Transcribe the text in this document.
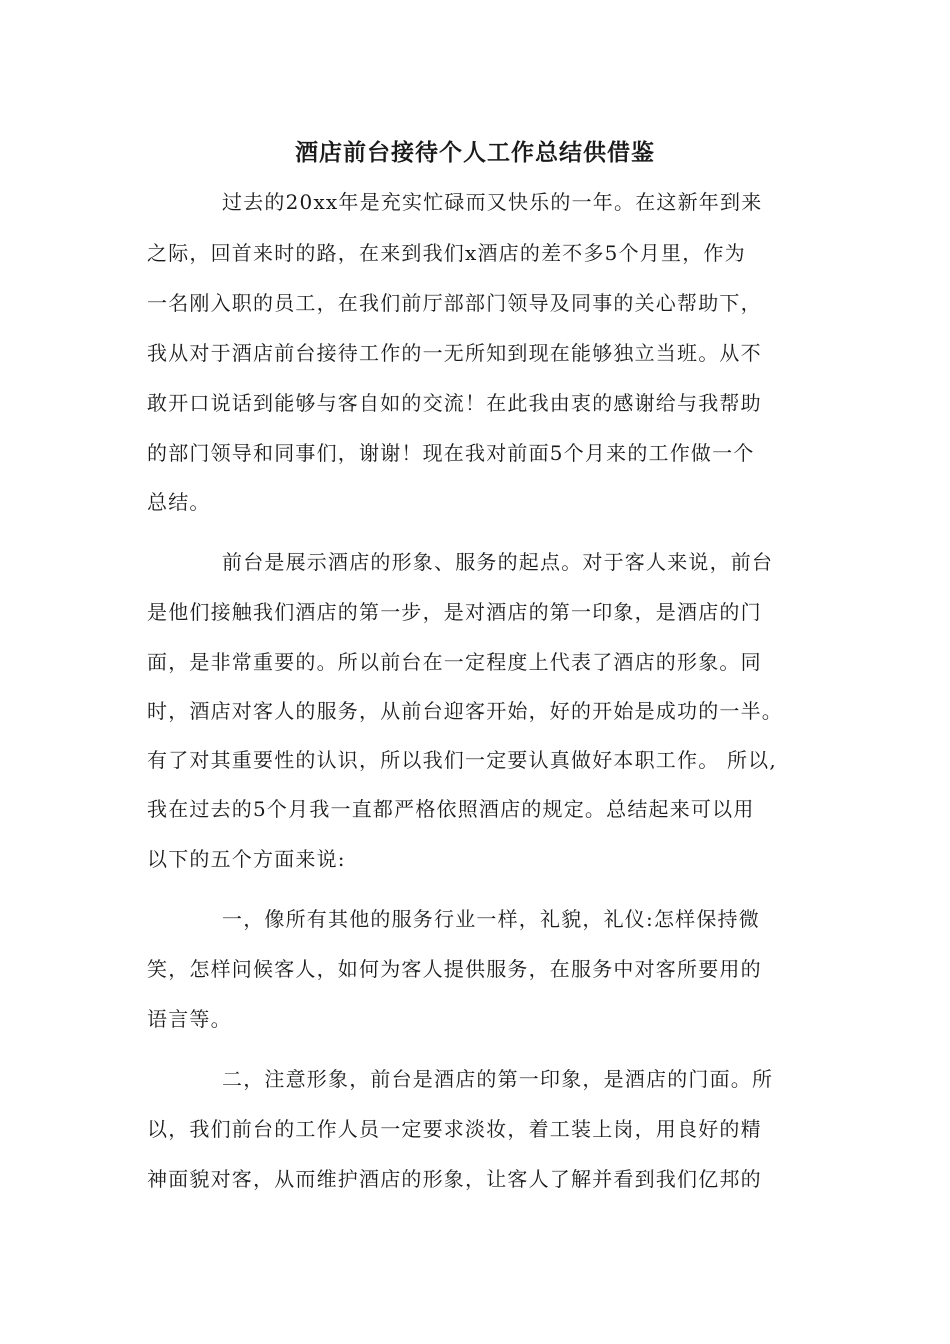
酒店前台接待个人工作总结供借鉴
过去的20xx年是充实忙碌而又快乐的一年。在这新年到来
之际，回首来时的路，在来到我们x酒店的差不多5个月里，作为
一名刚入职的员工，在我们前厅部部门领导及同事的关心帮助下，
我从对于酒店前台接待工作的一无所知到现在能够独立当班。从不
敢开口说话到能够与客自如的交流！在此我由衷的感谢给与我帮助
的部门领导和同事们，谢谢！现在我对前面5个月来的工作做一个
总结。
前台是展示酒店的形象、服务的起点。对于客人来说，前台
是他们接触我们酒店的第一步，是对酒店的第一印象，是酒店的门
面，是非常重要的。所以前台在一定程度上代表了酒店的形象。同
时，酒店对客人的服务，从前台迎客开始，好的开始是成功的一半。
有了对其重要性的认识，所以我们一定要认真做好本职工作。 所以,
我在过去的5个月我一直都严格依照酒店的规定。总结起来可以用
以下的五个方面来说:
一，像所有其他的服务行业一样，礼貌，礼仪:怎样保持微
笑，怎样问候客人，如何为客人提供服务，在服务中对客所要用的
语言等。
二，注意形象，前台是酒店的第一印象，是酒店的门面。所
以，我们前台的工作人员一定要求淡妆，着工装上岗，用良好的精
神面貌对客，从而维护酒店的形象，让客人了解并看到我们亿邦的
